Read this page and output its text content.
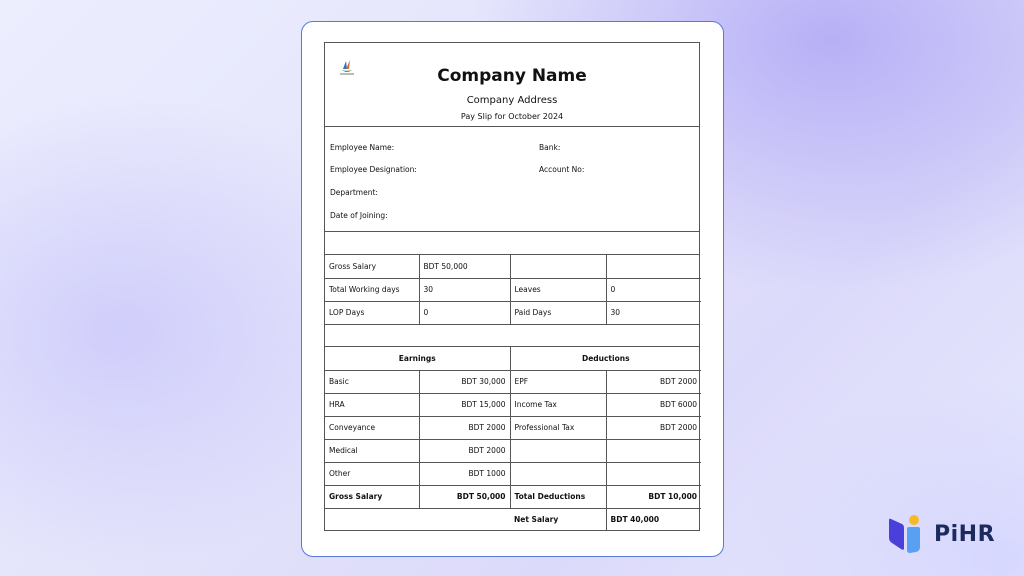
Company Name
Company Address
Pay Slip for October 2024
Employee Name:
Employee Designation:
Department:
Date of Joining:
Bank:
Account No:
Gross Salary	BDT 50,000		
Total Working days	30	Leaves	0
LOP Days	0	Paid Days	30
Earnings		Deductions	
Basic	BDT 30,000	EPF	BDT 2000
HRA	BDT 15,000	Income Tax	BDT 6000
Conveyance	BDT 2000	Professional Tax	BDT 2000
Medical	BDT 2000		
Other	BDT 1000		
Gross Salary	BDT 50,000	Total Deductions	BDT 10,000
		Net Salary	BDT 40,000
PiHR
